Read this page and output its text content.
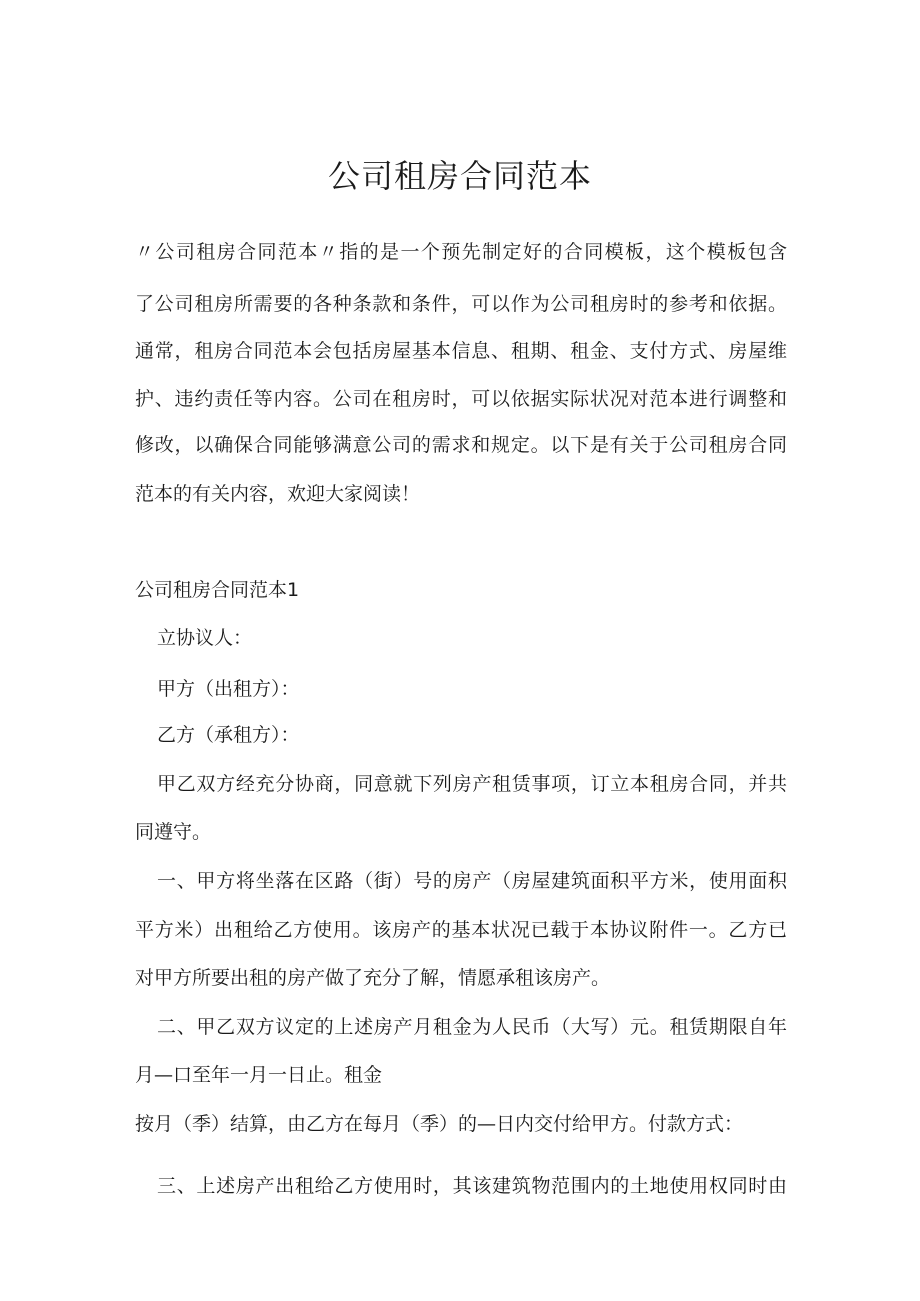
公司租房合同范本

〃公司租房合同范本〃指的是一个预先制定好的合同模板，这个模板包含

了公司租房所需要的各种条款和条件，可以作为公司租房时的参考和依据。

通常，租房合同范本会包括房屋基本信息、租期、租金、支付方式、房屋维

护、违约责任等内容。公司在租房时，可以依据实际状况对范本进行调整和

修改，以确保合同能够满意公司的需求和规定。以下是有关于公司租房合同

范本的有关内容，欢迎大家阅读！

公司租房合同范本1

立协议人：

甲方（出租方）：

乙方（承租方）：

甲乙双方经充分协商，同意就下列房产租赁事项，订立本租房合同，并共

同遵守。

一、甲方将坐落在区路（街）号的房产（房屋建筑面积平方米，使用面积

平方米）出租给乙方使用。该房产的基本状况已载于本协议附件一。乙方已

对甲方所要出租的房产做了充分了解，情愿承租该房产。

二、甲乙双方议定的上述房产月租金为人民币（大写）元。租赁期限自年

月—口至年一月一日止。租金

按月（季）结算，由乙方在每月（季）的—日内交付给甲方。付款方式：

三、上述房产出租给乙方使用时，其该建筑物范围内的土地使用权同时由
